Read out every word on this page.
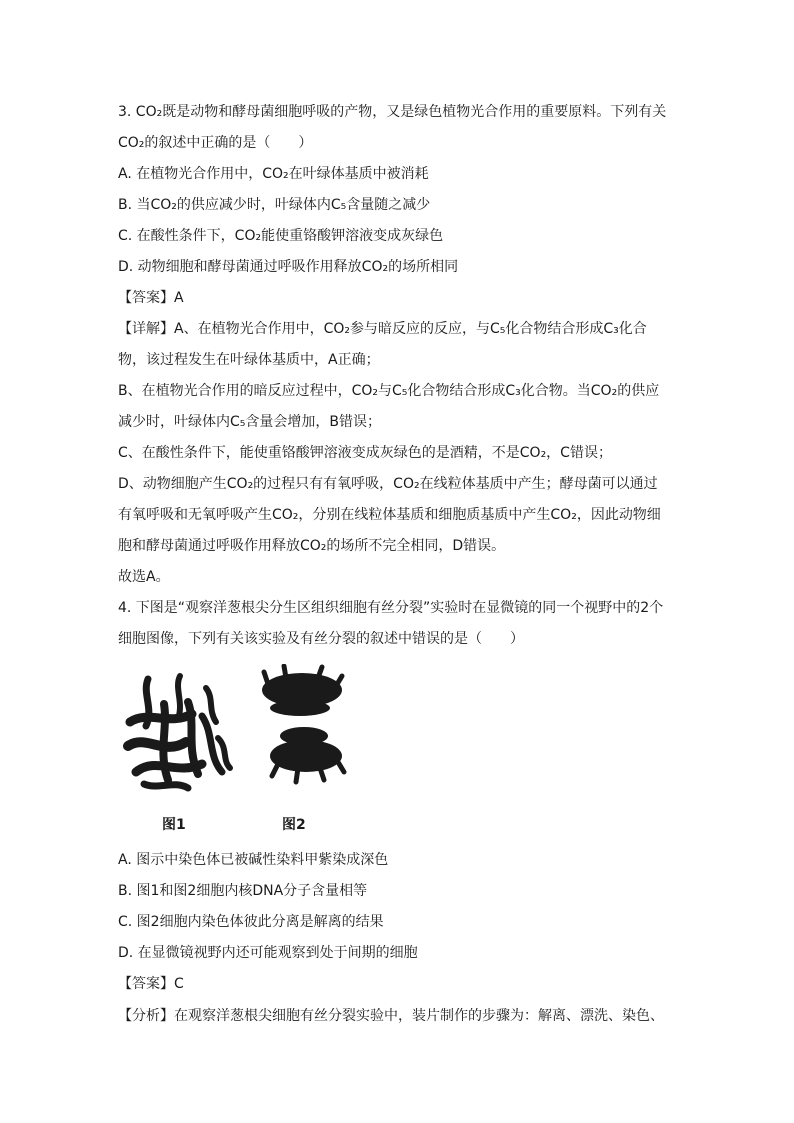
3. CO₂既是动物和酵母菌细胞呼吸的产物，又是绿色植物光合作用的重要原料。下列有关
CO₂的叙述中正确的是（　　）
A. 在植物光合作用中，CO₂在叶绿体基质中被消耗
B. 当CO₂的供应减少时，叶绿体内C₅含量随之减少
C. 在酸性条件下，CO₂能使重铬酸钾溶液变成灰绿色
D. 动物细胞和酵母菌通过呼吸作用释放CO₂的场所相同
【答案】A
【详解】A、在植物光合作用中，CO₂参与暗反应的反应，与C₅化合物结合形成C₃化合
物，该过程发生在叶绿体基质中，A正确；
B、在植物光合作用的暗反应过程中，CO₂与C₅化合物结合形成C₃化合物。当CO₂的供应
减少时，叶绿体内C₅含量会增加，B错误；
C、在酸性条件下，能使重铬酸钾溶液变成灰绿色的是酒精，不是CO₂，C错误；
D、动物细胞产生CO₂的过程只有有氧呼吸，CO₂在线粒体基质中产生；酵母菌可以通过
有氧呼吸和无氧呼吸产生CO₂，分别在线粒体基质和细胞质基质中产生CO₂，因此动物细
胞和酵母菌通过呼吸作用释放CO₂的场所不完全相同，D错误。
故选A。
4. 下图是“观察洋葱根尖分生区组织细胞有丝分裂”实验时在显微镜的同一个视野中的2个
细胞图像，下列有关该实验及有丝分裂的叙述中错误的是（　　）
图1	图2
A. 图示中染色体已被碱性染料甲紫染成深色
B. 图1和图2细胞内核DNA分子含量相等
C. 图2细胞内染色体彼此分离是解离的结果
D. 在显微镜视野内还可能观察到处于间期的细胞
【答案】C
【分析】在观察洋葱根尖细胞有丝分裂实验中，装片制作的步骤为：解离、漂洗、染色、
